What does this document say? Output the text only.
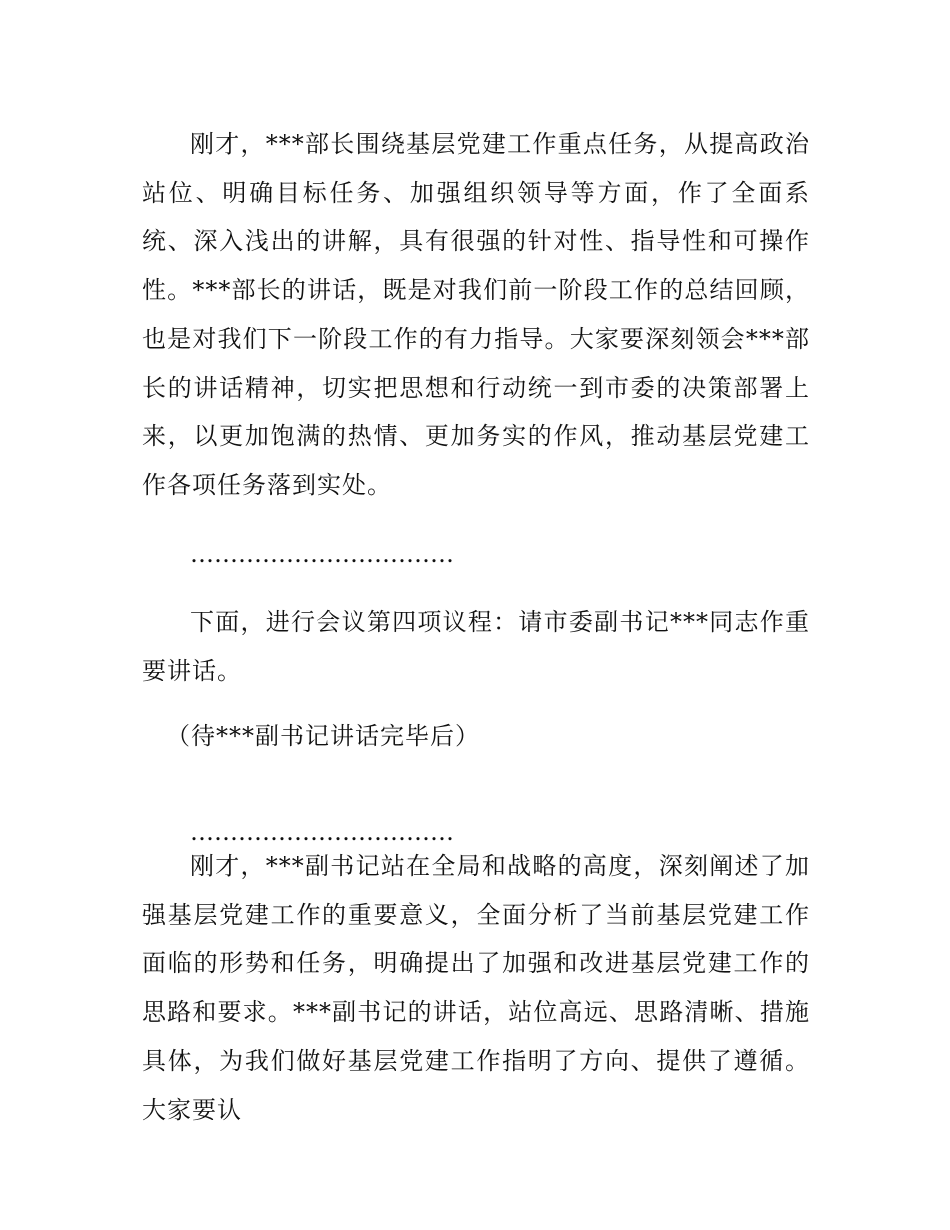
刚才，***部长围绕基层党建工作重点任务，从提高政治站位、明确目标任务、加强组织领导等方面，作了全面系统、深入浅出的讲解，具有很强的针对性、指导性和可操作性。***部长的讲话，既是对我们前一阶段工作的总结回顾，也是对我们下一阶段工作的有力指导。大家要深刻领会***部长的讲话精神，切实把思想和行动统一到市委的决策部署上来，以更加饱满的热情、更加务实的作风，推动基层党建工作各项任务落到实处。

……………………………

下面，进行会议第四项议程：请市委副书记***同志作重要讲话。

（待***副书记讲话完毕后）

……………………………

刚才，***副书记站在全局和战略的高度，深刻阐述了加强基层党建工作的重要意义，全面分析了当前基层党建工作面临的形势和任务，明确提出了加强和改进基层党建工作的思路和要求。***副书记的讲话，站位高远、思路清晰、措施具体，为我们做好基层党建工作指明了方向、提供了遵循。大家要认
